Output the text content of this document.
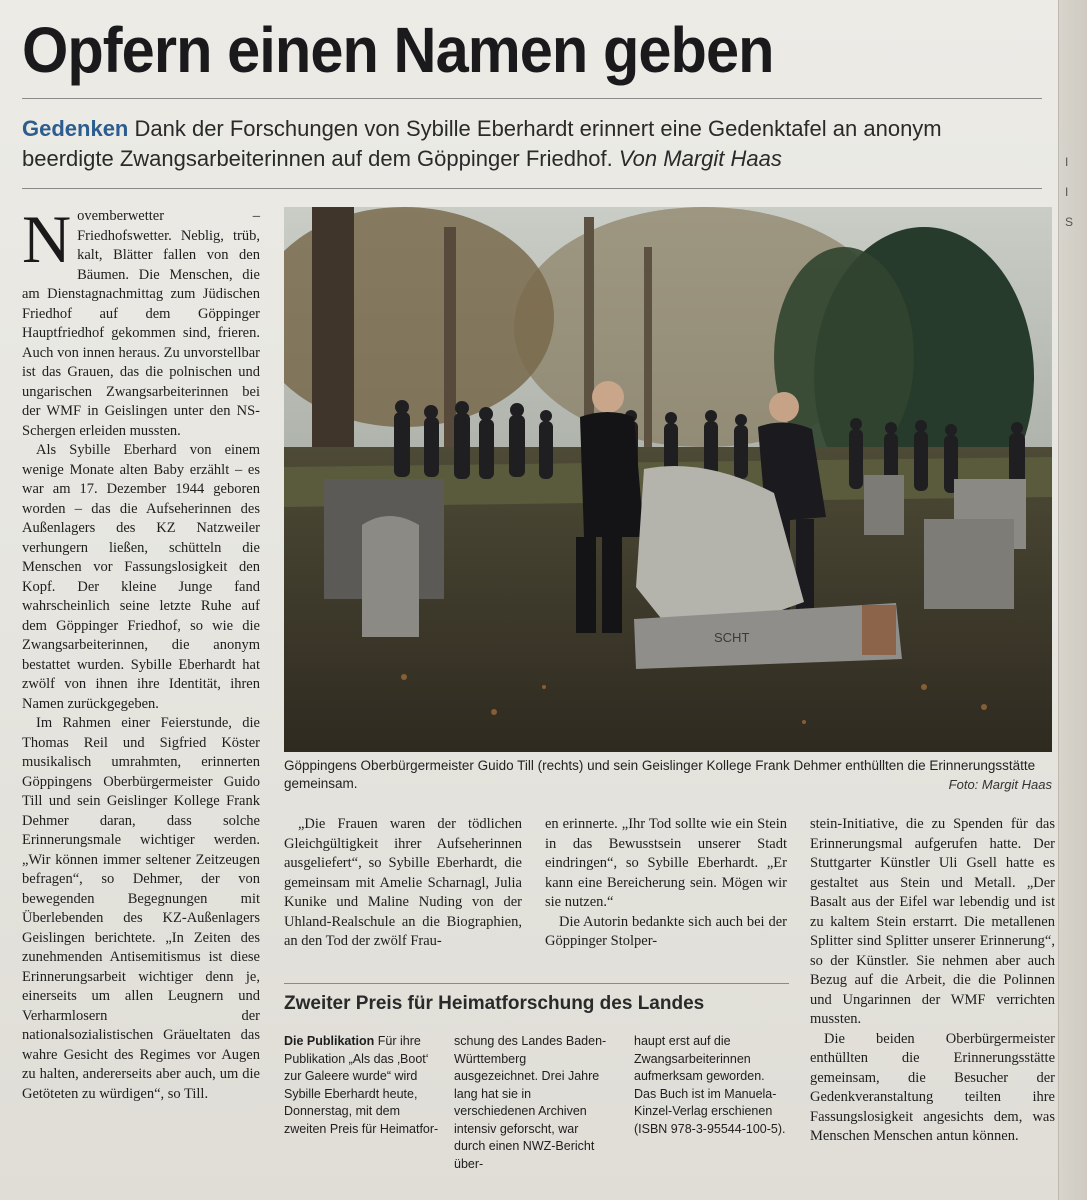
I
I
S
Opfern einen Namen geben

Gedenken Dank der Forschungen von Sybille Eberhardt erinnert eine Gedenktafel an anonym beerdigte Zwangsarbeiterinnen auf dem Göppinger Friedhof. Von Margit Haas

Novemberwetter – Friedhofswetter. Neblig, trüb, kalt, Blätter fallen von den Bäumen. Die Menschen, die am Dienstagnachmittag zum Jüdischen Friedhof auf dem Göppinger Hauptfriedhof gekommen sind, frieren. Auch von innen heraus. Zu unvorstellbar ist das Grauen, das die polnischen und ungarischen Zwangsarbeiterinnen bei der WMF in Geislingen unter den NS-Schergen erleiden mussten.

Als Sybille Eberhard von einem wenige Monate alten Baby erzählt – es war am 17. Dezember 1944 geboren worden – das die Aufseherinnen des Außenlagers des KZ Natzweiler verhungern ließen, schütteln die Menschen vor Fassungslosigkeit den Kopf. Der kleine Junge fand wahrscheinlich seine letzte Ruhe auf dem Göppinger Friedhof, so wie die Zwangsarbeiterinnen, die anonym bestattet wurden. Sybille Eberhardt hat zwölf von ihnen ihre Identität, ihren Namen zurückgegeben.

Im Rahmen einer Feierstunde, die Thomas Reil und Sigfried Köster musikalisch umrahmten, erinnerten Göppingens Oberbürgermeister Guido Till und sein Geislinger Kollege Frank Dehmer daran, dass solche Erinnerungsmale wichtiger werden. „Wir können immer seltener Zeitzeugen befragen“, so Dehmer, der von bewegenden Begegnungen mit Überlebenden des KZ-Außenlagers Geislingen berichtete. „In Zeiten des zunehmenden Antisemitismus ist diese Erinnerungsarbeit wichtiger denn je, einerseits um allen Leugnern und Verharmlosern der nationalsozialistischen Gräueltaten das wahre Gesicht des Regimes vor Augen zu halten, andererseits aber auch, um die Getöteten zu würdigen“, so Till.

SCHT
Göppingens Oberbürgermeister Guido Till (rechts) und sein Geislinger Kollege Frank Dehmer enthüllten die Erinnerungsstätte gemeinsam.	Foto: Margit Haas

„Die Frauen waren der tödlichen Gleichgültigkeit ihrer Aufseherinnen ausgeliefert“, so Sybille Eberhardt, die gemeinsam mit Amelie Scharnagl, Julia Kunike und Maline Nuding von der Uhland-Realschule an die Biographien, an den Tod der zwölf Frau-

en erinnerte. „Ihr Tod sollte wie ein Stein in das Bewusstsein unserer Stadt eindringen“, so Sybille Eberhardt. „Er kann eine Bereicherung sein. Mögen wir sie nutzen.“

Die Autorin bedankte sich auch bei der Göppinger Stolper-

stein-Initiative, die zu Spenden für das Erinnerungsmal aufgerufen hatte. Der Stuttgarter Künstler Uli Gsell hatte es gestaltet aus Stein und Metall. „Der Basalt aus der Eifel war lebendig und ist zu kaltem Stein erstarrt. Die metallenen Splitter sind Splitter unserer Erinnerung“, so der Künstler. Sie nehmen aber auch Bezug auf die Arbeit, die die Polinnen und Ungarinnen der WMF verrichten mussten.

Die beiden Oberbürgermeister enthüllten die Erinnerungsstätte gemeinsam, die Besucher der Gedenkveranstaltung teilten ihre Fassungslosigkeit angesichts dem, was Menschen Menschen antun können.

Zweiter Preis für Heimatforschung des Landes

Die Publikation Für ihre Publikation „Als das ‚Boot‘ zur Galeere wurde“ wird Sybille Eberhardt heute, Donnerstag, mit dem zweiten Preis für Heimatfor-

schung des Landes Baden-Württemberg ausgezeichnet. Drei Jahre lang hat sie in verschiedenen Archiven intensiv geforscht, war durch einen NWZ-Bericht über-

haupt erst auf die Zwangsarbeiterinnen aufmerksam geworden. Das Buch ist im Manuela-Kinzel-Verlag erschienen (ISBN 978-3-95544-100-5).
